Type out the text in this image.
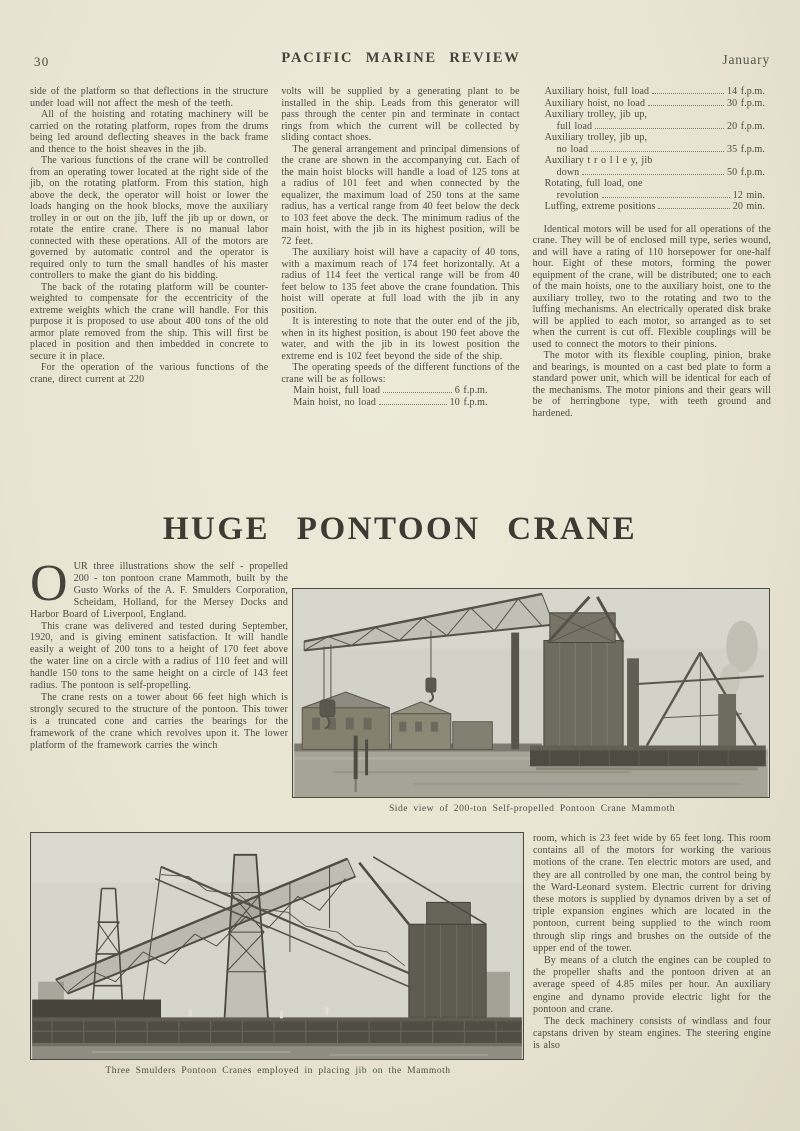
30	PACIFIC MARINE REVIEW	January

side of the platform so that deflections in the structure under load will not affect the mesh of the teeth.

All of the hoisting and rotating machinery will be carried on the rotating platform, ropes from the drums being led around deflecting sheaves in the back frame and thence to the hoist sheaves in the jib.

The various functions of the crane will be controlled from an operating tower located at the right side of the jib, on the rotating platform. From this station, high above the deck, the operator will hoist or lower the loads hanging on the hook blocks, move the auxiliary trolley in or out on the jib, luff the jib up or down, or rotate the entire crane. There is no manual labor connected with these operations. All of the motors are governed by automatic control and the operator is required only to turn the small handles of his master controllers to make the giant do his bidding.

The back of the rotating platform will be counter-weighted to compensate for the eccentricity of the extreme weights which the crane will handle. For this purpose it is proposed to use about 400 tons of the old armor plate removed from the ship. This will first be placed in position and then imbedded in concrete to secure it in place.

For the operation of the various functions of the crane, direct current at 220

volts will be supplied by a generating plant to be installed in the ship. Leads from this generator will pass through the center pin and terminate in contact rings from which the current will be collected by sliding contact shoes.

The general arrangement and principal dimensions of the crane are shown in the accompanying cut. Each of the main hoist blocks will handle a load of 125 tons at a radius of 101 feet and when connected by the equalizer, the maximum load of 250 tons at the same radius, has a vertical range from 40 feet below the deck to 103 feet above the deck. The minimum radius of the main hoist, with the jib in its highest position, will be 72 feet.

The auxiliary hoist will have a capacity of 40 tons, with a maximum reach of 174 feet horizontally. At a radius of 114 feet the vertical range will be from 40 feet below to 135 feet above the crane foundation. This hoist will operate at full load with the jib in any position.

It is interesting to note that the outer end of the jib, when in its highest position, is about 190 feet above the water, and with the jib in its lowest position the extreme end is 102 feet beyond the side of the ship.

The operating speeds of the different functions of the crane will be as follows:

Main hoist, full load	6 f.p.m.
Main hoist, no load	10 f.p.m.
Auxiliary hoist, full load	14 f.p.m.
Auxiliary hoist, no load	30 f.p.m.
Auxiliary trolley, jib up,
full load	20 f.p.m.
Auxiliary trolley, jib up,
no load	35 f.p.m.
Auxiliary t r o l l e y, jib
down	50 f.p.m.
Rotating, full load, one
revolution	12 min.
Luffing, extreme positions	20 min.

Identical motors will be used for all operations of the crane. They will be of enclosed mill type, series wound, and will have a rating of 110 horsepower for one-half hour. Eight of these motors, forming the power equipment of the crane, will be distributed; one to each of the main hoists, one to the auxiliary hoist, one to the auxiliary trolley, two to the rotating and two to the luffing mechanisms. An electrically operated disk brake will be applied to each motor, so arranged as to set when the current is cut off. Flexible couplings will be used to connect the motors to their pinions.

The motor with its flexible coupling, pinion, brake and bearings, is mounted on a cast bed plate to form a standard power unit, which will be identical for each of the mechanisms. The motor pinions and their gears will be of herringbone type, with teeth ground and hardened.

HUGE PONTOON CRANE

OUR three illustrations show the self - propelled 200 - ton pontoon crane Mammoth, built by the Gusto Works of the A. F. Smulders Corporation, Scheidam, Holland, for the Mersey Docks and Harbor Board of Liverpool, England.

This crane was delivered and tested during September, 1920, and is giving eminent satisfaction. It will handle easily a weight of 200 tons to a height of 170 feet above the water line on a circle with a radius of 110 feet and will handle 150 tons to the same height on a circle of 143 feet radius. The pontoon is self-propelling.

The crane rests on a tower about 66 feet high which is strongly secured to the structure of the pontoon. This tower is a truncated cone and carries the bearings for the framework of the crane which revolves upon it. The lower platform of the framework carries the winch

Side view of 200-ton Self-propelled Pontoon Crane Mammoth
Three Smulders Pontoon Cranes employed in placing jib on the Mammoth

room, which is 23 feet wide by 65 feet long. This room contains all of the motors for working the various motions of the crane. Ten electric motors are used, and they are all controlled by one man, the control being by the Ward-Leonard system. Electric current for driving these motors is supplied by dynamos driven by a set of triple expansion engines which are located in the pontoon, current being supplied to the winch room through slip rings and brushes on the outside of the upper end of the tower.

By means of a clutch the engines can be coupled to the propeller shafts and the pontoon driven at an average speed of 4.85 miles per hour. An auxiliary engine and dynamo provide electric light for the pontoon and crane.

The deck machinery consists of windlass and four capstans driven by steam engines. The steering engine is also
